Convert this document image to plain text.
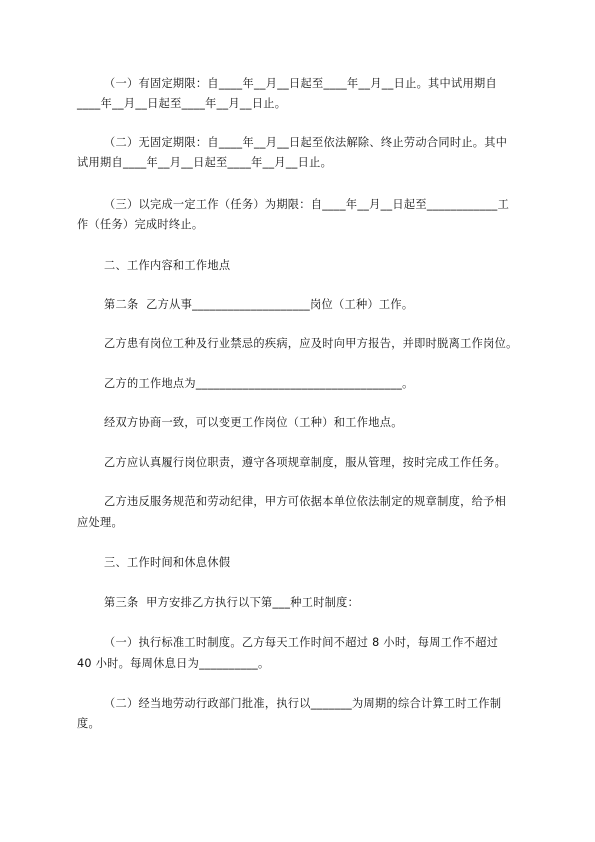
（一）有固定期限：自____年__月__日起至____年__月__日止。其中试用期自
____年__月__日起至____年__月__日止。
（二）无固定期限：自____年__月__日起至依法解除、终止劳动合同时止。其中
试用期自____年__月__日起至____年__月__日止。
（三）以完成一定工作（任务）为期限：自____年__月__日起至____________工
作（任务）完成时终止。
二、工作内容和工作地点
第二条  乙方从事____________________岗位（工种）工作。
乙方患有岗位工种及行业禁忌的疾病，应及时向甲方报告，并即时脱离工作岗位。
乙方的工作地点为___________________________________。
经双方协商一致，可以变更工作岗位（工种）和工作地点。
乙方应认真履行岗位职责，遵守各项规章制度，服从管理，按时完成工作任务。
乙方违反服务规范和劳动纪律，甲方可依据本单位依法制定的规章制度，给予相
应处理。
三、工作时间和休息休假
第三条  甲方安排乙方执行以下第___种工时制度：
（一）执行标准工时制度。乙方每天工作时间不超过 8 小时，每周工作不超过
40 小时。每周休息日为__________。
（二）经当地劳动行政部门批准，执行以_______为周期的综合计算工时工作制
度。
